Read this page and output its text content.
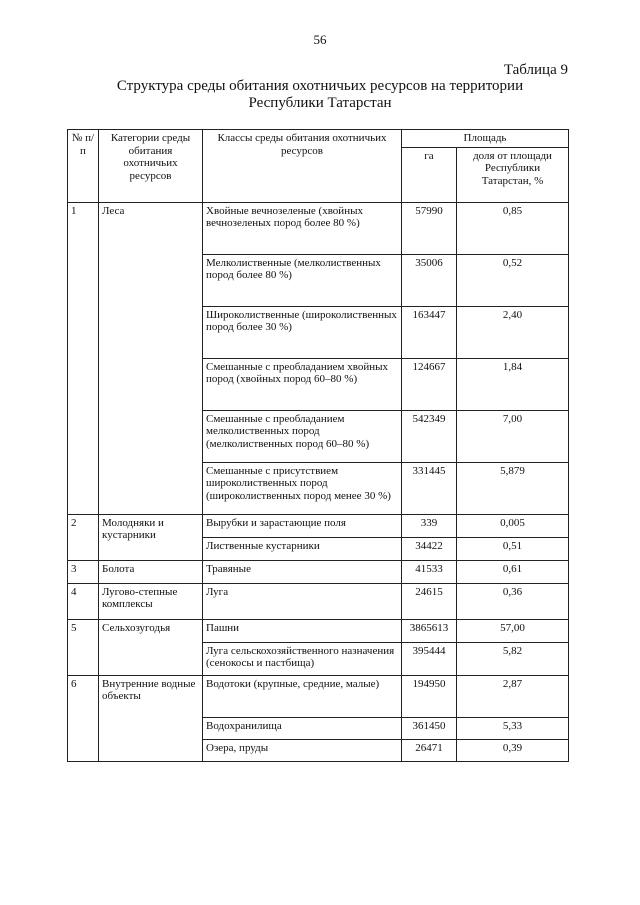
56
Таблица 9
Структура среды обитания охотничьих ресурсов на территории
Республики Татарстан
№ п/п	Категории среды обитания охотничьих ресурсов	Классы среды обитания охотничьих ресурсов	Площадь	
			га	доля от площади Республики Татарстан, %
1	Леса	Хвойные вечнозеленые (хвойных вечнозеленых пород более 80 %)	57990	0,85
		Мелколиственные (мелколиственных пород более 80 %)	35006	0,52
		Широколиственные (широколиственных пород более 30 %)	163447	2,40
		Смешанные с преобладанием хвойных пород (хвойных пород 60–80 %)	124667	1,84
		Смешанные с преобладанием мелколиственных пород (мелколиственных пород 60–80 %)	542349	7,00
		Смешанные с присутствием широколиственных пород (широколиственных пород менее 30 %)	331445	5,879
2	Молодняки и кустарники	Вырубки и зарастающие поля	339	0,005
		Лиственные кустарники	34422	0,51
3	Болота	Травяные	41533	0,61
4	Лугово-степные комплексы	Луга	24615	0,36
5	Сельхозугодья	Пашни	3865613	57,00
		Луга сельскохозяйственного назначения (сенокосы и пастбища)	395444	5,82
6	Внутренние водные объекты	Водотоки (крупные, средние, малые)	194950	2,87
		Водохранилища	361450	5,33
		Озера, пруды	26471	0,39
